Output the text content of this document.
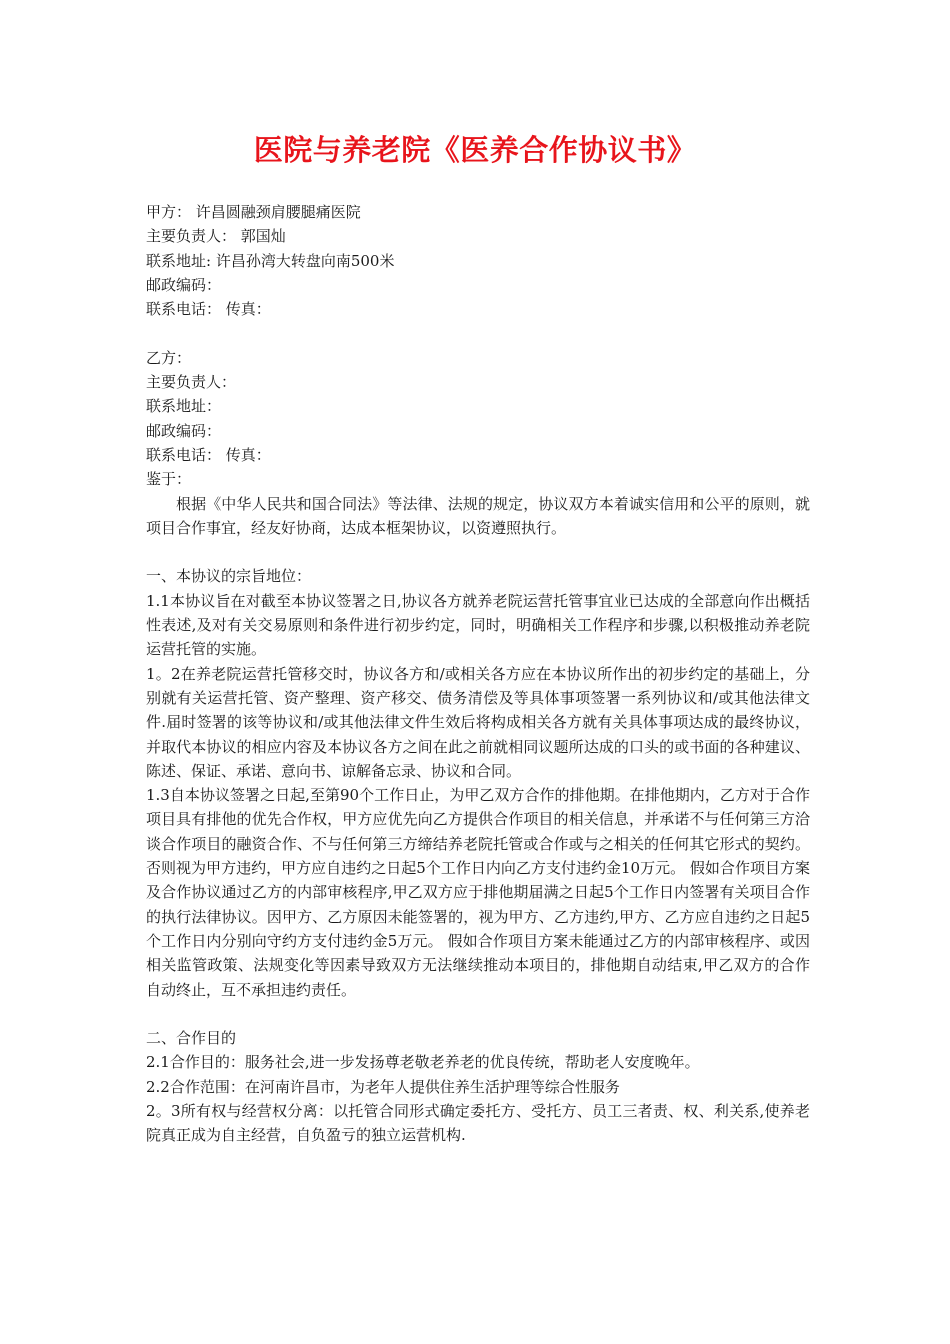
医院与养老院《医养合作协议书》

甲方： 许昌圆融颈肩腰腿痛医院

主要负责人： 郭国灿

联系地址: 许昌孙湾大转盘向南500米

邮政编码：

联系电话： 传真：

乙方：

主要负责人：

联系地址：

邮政编码：

联系电话： 传真：

鉴于：

根据《中华人民共和国合同法》等法律、法规的规定，协议双方本着诚实信用和公平的原则，就项目合作事宜，经友好协商，达成本框架协议，以资遵照执行。

一、本协议的宗旨地位：

1.1本协议旨在对截至本协议签署之日,协议各方就养老院运营托管事宜业已达成的全部意向作出概括性表述,及对有关交易原则和条件进行初步约定，同时，明确相关工作程序和步骤,以积极推动养老院运营托管的实施。

1。2在养老院运营托管移交时，协议各方和/或相关各方应在本协议所作出的初步约定的基础上，分别就有关运营托管、资产整理、资产移交、债务清偿及等具体事项签署一系列协议和/或其他法律文件.届时签署的该等协议和/或其他法律文件生效后将构成相关各方就有关具体事项达成的最终协议，并取代本协议的相应内容及本协议各方之间在此之前就相同议题所达成的口头的或书面的各种建议、陈述、保证、承诺、意向书、谅解备忘录、协议和合同。

1.3自本协议签署之日起,至第90个工作日止，为甲乙双方合作的排他期。在排他期内，乙方对于合作项目具有排他的优先合作权，甲方应优先向乙方提供合作项目的相关信息，并承诺不与任何第三方洽谈合作项目的融资合作、不与任何第三方缔结养老院托管或合作或与之相关的任何其它形式的契约。 否则视为甲方违约，甲方应自违约之日起5个工作日内向乙方支付违约金10万元。 假如合作项目方案及合作协议通过乙方的内部审核程序,甲乙双方应于排他期届满之日起5个工作日内签署有关项目合作的执行法律协议。因甲方、乙方原因未能签署的，视为甲方、乙方违约,甲方、乙方应自违约之日起5个工作日内分别向守约方支付违约金5万元。 假如合作项目方案未能通过乙方的内部审核程序、或因相关监管政策、法规变化等因素导致双方无法继续推动本项目的，排他期自动结束,甲乙双方的合作自动终止，互不承担违约责任。

二、合作目的

2.1合作目的：服务社会,进一步发扬尊老敬老养老的优良传统，帮助老人安度晚年。

2.2合作范围：在河南许昌市，为老年人提供住养生活护理等综合性服务

2。3所有权与经营权分离：以托管合同形式确定委托方、受托方、员工三者责、权、利关系,使养老院真正成为自主经营，自负盈亏的独立运营机构.
